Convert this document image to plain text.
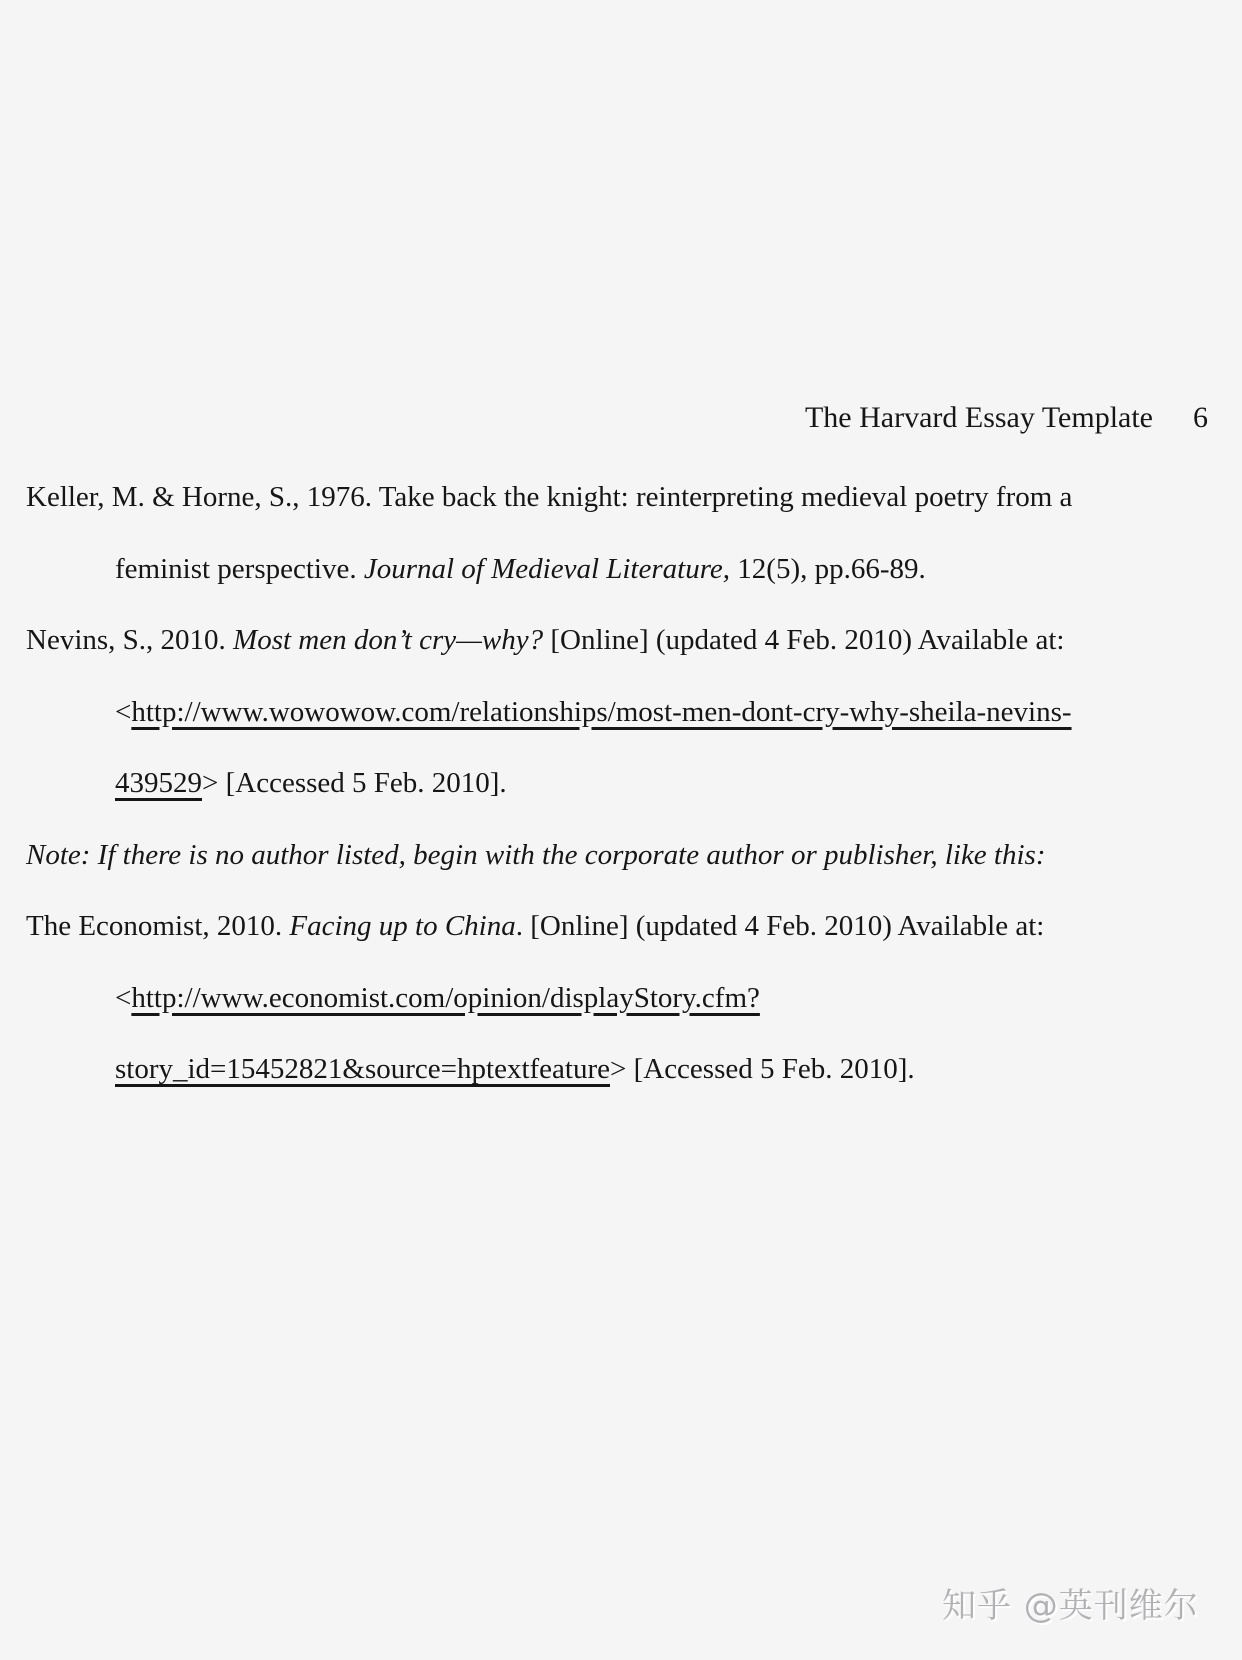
The Harvard Essay Template 6
Keller, M. & Horne, S., 1976. Take back the knight: reinterpreting medieval poetry from a
feminist perspective. Journal of Medieval Literature, 12(5), pp.66-89.
Nevins, S., 2010. Most men don’t cry—why? [Online] (updated 4 Feb. 2010) Available at:
<http://www.wowowow.com/relationships/most-men-dont-cry-why-sheila-nevins-
439529> [Accessed 5 Feb. 2010].
Note: If there is no author listed, begin with the corporate author or publisher, like this:
The Economist, 2010. Facing up to China. [Online] (updated 4 Feb. 2010) Available at:
<http://www.economist.com/opinion/displayStory.cfm?
story_id=15452821&source=hptextfeature> [Accessed 5 Feb. 2010].
知乎 @英刊维尔
